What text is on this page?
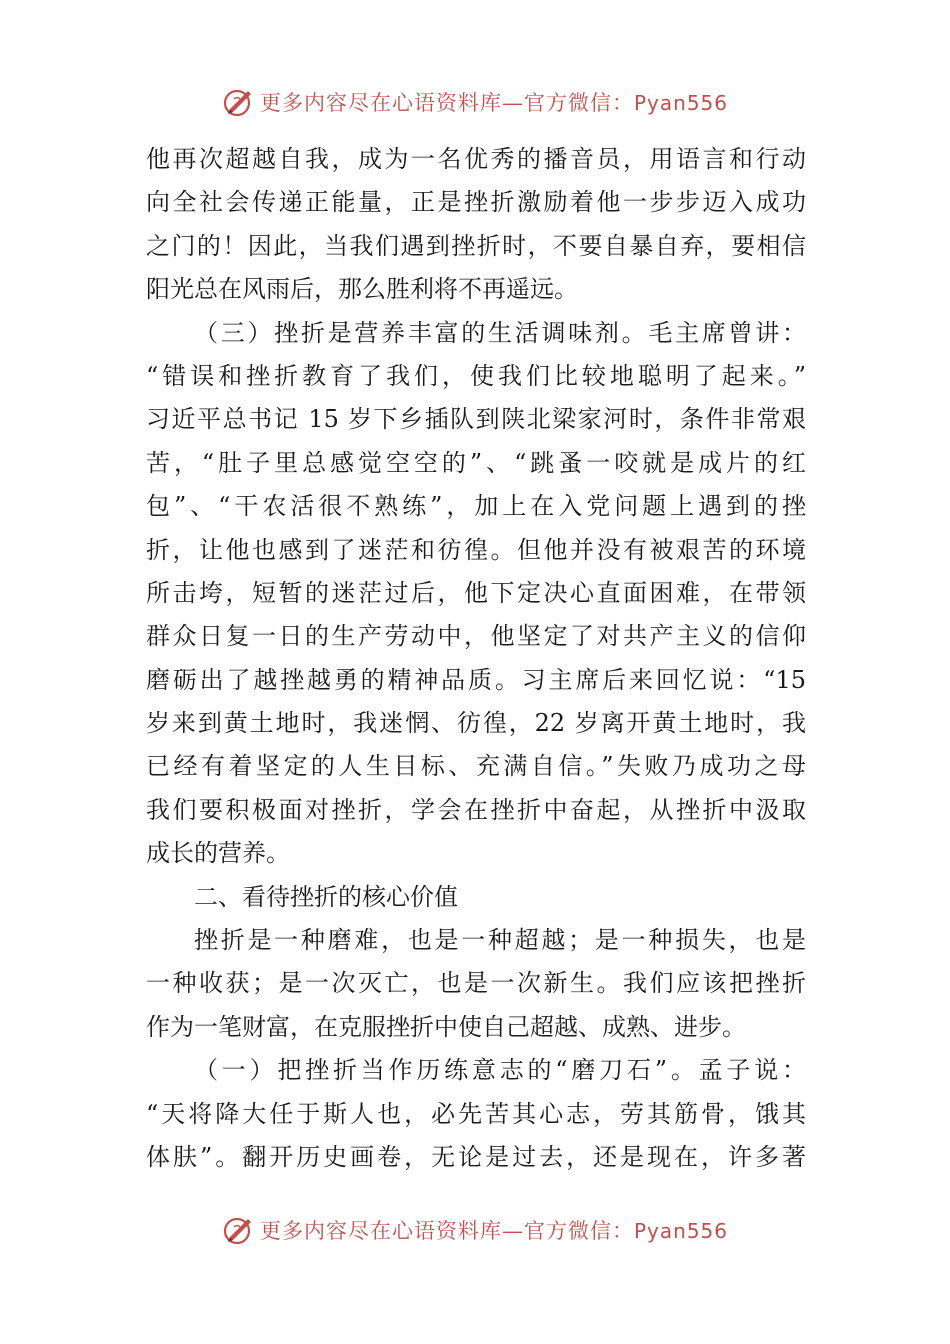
更多内容尽在心语资料库—官方微信：Pyan556
他再次超越自我，成为一名优秀的播音员，用语言和行动
向全社会传递正能量，正是挫折激励着他一步步迈入成功
之门的！因此，当我们遇到挫折时，不要自暴自弃，要相信
阳光总在风雨后，那么胜利将不再遥远。
（三）挫折是营养丰富的生活调味剂。毛主席曾讲：
“错误和挫折教育了我们，使我们比较地聪明了起来。”
习近平总书记 15 岁下乡插队到陕北梁家河时，条件非常艰
苦，“肚子里总感觉空空的”、“跳蚤一咬就是成片的红
包”、“干农活很不熟练”，加上在入党问题上遇到的挫
折，让他也感到了迷茫和彷徨。但他并没有被艰苦的环境
所击垮，短暂的迷茫过后，他下定决心直面困难，在带领
群众日复一日的生产劳动中，他坚定了对共产主义的信仰
磨砺出了越挫越勇的精神品质。习主席后来回忆说：“15
岁来到黄土地时，我迷惘、彷徨，22 岁离开黄土地时，我
已经有着坚定的人生目标、充满自信。”失败乃成功之母
我们要积极面对挫折，学会在挫折中奋起，从挫折中汲取
成长的营养。
二、看待挫折的核心价值
挫折是一种磨难，也是一种超越；是一种损失，也是
一种收获；是一次灭亡，也是一次新生。我们应该把挫折
作为一笔财富，在克服挫折中使自己超越、成熟、进步。
（一）把挫折当作历练意志的“磨刀石”。孟子说：
“天将降大任于斯人也，必先苦其心志，劳其筋骨，饿其
体肤”。翻开历史画卷，无论是过去，还是现在，许多著
更多内容尽在心语资料库—官方微信：Pyan556
